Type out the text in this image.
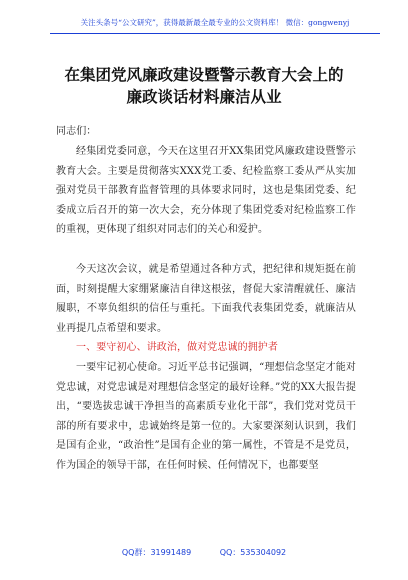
关注头条号“公文研究”，获得最新最全最专业的公文资料库！ 微信：gongwenyj
在集团党风廉政建设暨警示教育大会上的
廉政谈话材料廉洁从业
同志们：

经集团党委同意，今天在这里召开XX集团党风廉政建设暨警示教育大会。主要是贯彻落实XXX党工委、纪检监察工委从严从实加强对党员干部教育监督管理的具体要求同时，这也是集团党委、纪委成立后召开的第一次大会，充分体现了集团党委对纪检监察工作的重视，更体现了组织对同志们的关心和爱护。

今天这次会议，就是希望通过各种方式，把纪律和规矩挺在前面，时刻提醒大家绷紧廉洁自律这根弦，督促大家清醒就任、廉洁履职，不辜负组织的信任与重托。下面我代表集团党委，就廉洁从业再提几点希望和要求。

一、要守初心、讲政治，做对党忠诚的拥护者

一要牢记初心使命。习近平总书记强调，“理想信念坚定才能对党忠诚，对党忠诚是对理想信念坚定的最好诠释。”党的XX大报告提出，“要选拔忠诚干净担当的高素质专业化干部”，我们党对党员干部的所有要求中，忠诚始终是第一位的。大家要深刻认识到，我们是国有企业，“政治性”是国有企业的第一属性，不管是不是党员，作为国企的领导干部，在任何时候、任何情况下，也都要坚

QQ群：31991489	QQ：535304092
